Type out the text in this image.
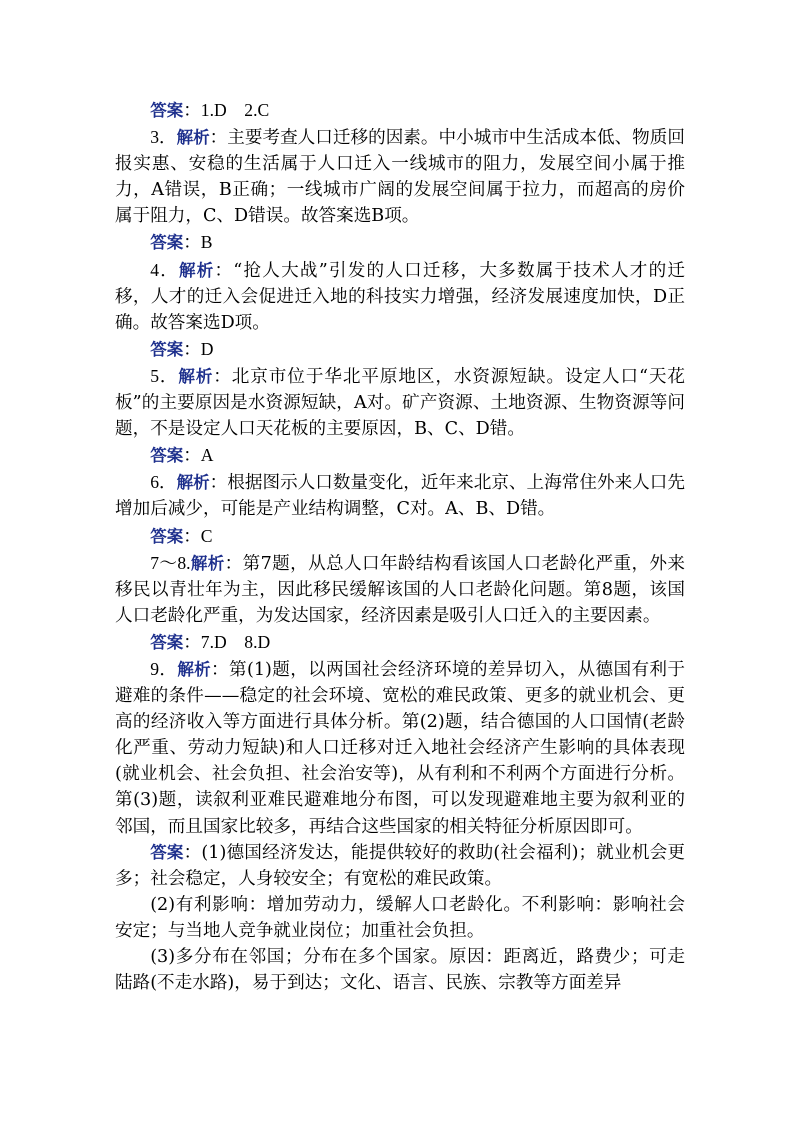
答案：1.D　2.C

3．解析：主要考查人口迁移的因素。中小城市中生活成本低、物质回报实惠、安稳的生活属于人口迁入一线城市的阻力，发展空间小属于推力，A错误，B正确；一线城市广阔的发展空间属于拉力，而超高的房价属于阻力，C、D错误。故答案选B项。

答案：B

4．解析：“抢人大战”引发的人口迁移，大多数属于技术人才的迁移，人才的迁入会促进迁入地的科技实力增强，经济发展速度加快，D正确。故答案选D项。

答案：D

5．解析：北京市位于华北平原地区，水资源短缺。设定人口“天花板”的主要原因是水资源短缺，A对。矿产资源、土地资源、生物资源等问题，不是设定人口天花板的主要原因，B、C、D错。

答案：A

6．解析：根据图示人口数量变化，近年来北京、上海常住外来人口先增加后减少，可能是产业结构调整，C对。A、B、D错。

答案：C

7～8.解析：第7题，从总人口年龄结构看该国人口老龄化严重，外来移民以青壮年为主，因此移民缓解该国的人口老龄化问题。第8题，该国人口老龄化严重，为发达国家，经济因素是吸引人口迁入的主要因素。

答案：7.D　8.D

9．解析：第(1)题，以两国社会经济环境的差异切入，从德国有利于避难的条件——稳定的社会环境、宽松的难民政策、更多的就业机会、更高的经济收入等方面进行具体分析。第(2)题，结合德国的人口国情(老龄化严重、劳动力短缺)和人口迁移对迁入地社会经济产生影响的具体表现(就业机会、社会负担、社会治安等)，从有利和不利两个方面进行分析。第(3)题，读叙利亚难民避难地分布图，可以发现避难地主要为叙利亚的邻国，而且国家比较多，再结合这些国家的相关特征分析原因即可。

答案：(1)德国经济发达，能提供较好的救助(社会福利)；就业机会更多；社会稳定，人身较安全；有宽松的难民政策。

(2)有利影响：增加劳动力，缓解人口老龄化。不利影响：影响社会安定；与当地人竞争就业岗位；加重社会负担。

(3)多分布在邻国；分布在多个国家。原因：距离近，路费少；可走陆路(不走水路)，易于到达；文化、语言、民族、宗教等方面差异
